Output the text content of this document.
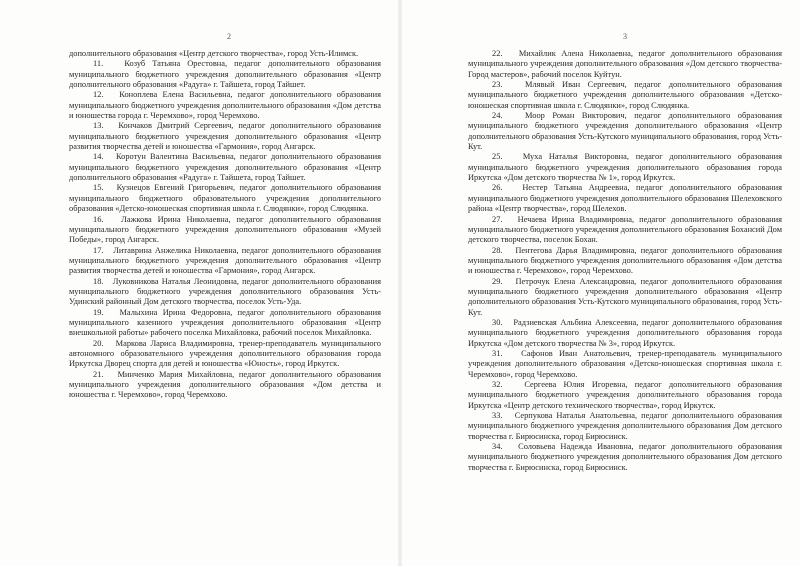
2

дополнительного образования «Центр детского творчества», город Усть-Илимск.

11.   Козуб Татьяна Орестовна, педагог дополнительного образования муниципального бюджетного учреждения дополнительного образования «Центр дополнительного образования «Радуга» г. Тайшета, город Тайшет.

12.   Коноплева Елена Васильевна, педагог дополнительного образования муниципального бюджетного учреждения дополнительного образования «Дом детства и юношества города г. Черемхово», город Черемхово.

13.   Кончаков Дмитрий Сергеевич, педагог дополнительного образования муниципального бюджетного учреждения дополнительного образования «Центр развития творчества детей и юношества «Гармония», город Ангарск.

14.   Коротун Валентина Васильевна, педагог дополнительного образования муниципального бюджетного учреждения дополнительного образования «Центр дополнительного образования «Радуга» г. Тайшета, город Тайшет.

15.   Кузнецов Евгений Григорьевич, педагог дополнительного образования муниципального бюджетного образовательного учреждения дополнительного образования «Детско-юношеская спортивная школа г. Слюдянки», город Слюдянка.

16.   Лажкова Ирина Николаевна, педагог дополнительного образования муниципального бюджетного учреждения дополнительного образования «Музей Победы», город Ангарск.

17.   Литаврина Анжелика Николаевна, педагог дополнительного образования муниципального бюджетного учреждения дополнительного образования «Центр развития творчества детей и юношества «Гармония», город Ангарск.

18.   Луковникова Наталья Леонидовна, педагог дополнительного образования муниципального бюджетного учреждения дополнительного образования Усть-Удинский районный Дом детского творчества, поселок Усть-Уда.

19.   Малыхина Ирина Федоровна, педагог дополнительного образования муниципального казенного учреждения дополнительного образования «Центр внешкольной работы» рабочего поселка Михайловка, рабочий поселок Михайловка.

20.   Маркова Лариса Владимировна, тренер-преподаватель муниципального автономного образовательного учреждения дополнительного образования города Иркутска Дворец спорта для детей и юношества «Юность», город Иркутск.

21.   Минченко Мария Михайловна, педагог дополнительного образования муниципального учреждения дополнительного образования «Дом детства и юношества г. Черемхово», город Черемхово.

3

22.   Михайлик Алена Николаевна, педагог дополнительного образования муниципального учреждения дополнительного образования «Дом детского творчества-Город мастеров», рабочий поселок Куйтун.

23.   Млявый Иван Сергеевич, педагог дополнительного образования муниципального бюджетного учреждения дополнительного образования «Детско-юношеская спортивная школа г. Слюдянки», город Слюдянка.

24.   Моор Роман Викторович, педагог дополнительного образования муниципального бюджетного учреждения дополнительного образования «Центр дополнительного образования Усть-Кутского муниципального образования, город Усть-Кут.

25.   Муха Наталья Викторовна, педагог дополнительного образования муниципального бюджетного учреждения дополнительного образования города Иркутска «Дом детского творчества № 1», город Иркутск.

26.   Нестер Татьяна Андреевна, педагог дополнительного образования муниципального бюджетного учреждения дополнительного образования Шелеховского района «Центр творчества», город Шелехов.

27.   Нечаева Ирина Владимировна, педагог дополнительного образования муниципального бюджетного учреждения дополнительного образования Бохансий Дом детского творчества, поселок Бохан.

28.   Пентегова Дарья Владимировна, педагог дополнительного образования муниципального бюджетного учреждения дополнительного образования «Дом детства и юношества г. Черемхово», город Черемхово.

29.   Петрочук Елена Александровна, педагог дополнительного образования муниципального бюджетного учреждения дополнительного образования «Центр дополнительного образования Усть-Кутского муниципального образования, город Усть-Кут.

30.   Радзиевская Альбина Алексеевна, педагог дополнительного образования муниципального бюджетного учреждения дополнительного образования города Иркутска «Дом детского творчества № 3», город Иркутск.

31.   Сафонов Иван Анатольевич, тренер-преподаватель муниципального учреждения дополнительного образования «Детско-юношеская спортивная школа г. Черемхово», город Черемхово.

32.   Сергеева Юлия Игоревна, педагог дополнительного образования муниципального бюджетного учреждения дополнительного образования города Иркутска «Центр детского технического творчества», город Иркутск.

33.   Серпукова Наталья Анатольевна, педагог дополнительного образования муниципального бюджетного учреждения дополнительного образования Дом детского творчества г. Бирюсинска, город Бирюсинск.

34.   Соловьева Надежда Ивановна, педагог дополнительного образования муниципального бюджетного учреждения дополнительного образования Дом детского творчества г. Бирюсинска, город Бирюсинск.
